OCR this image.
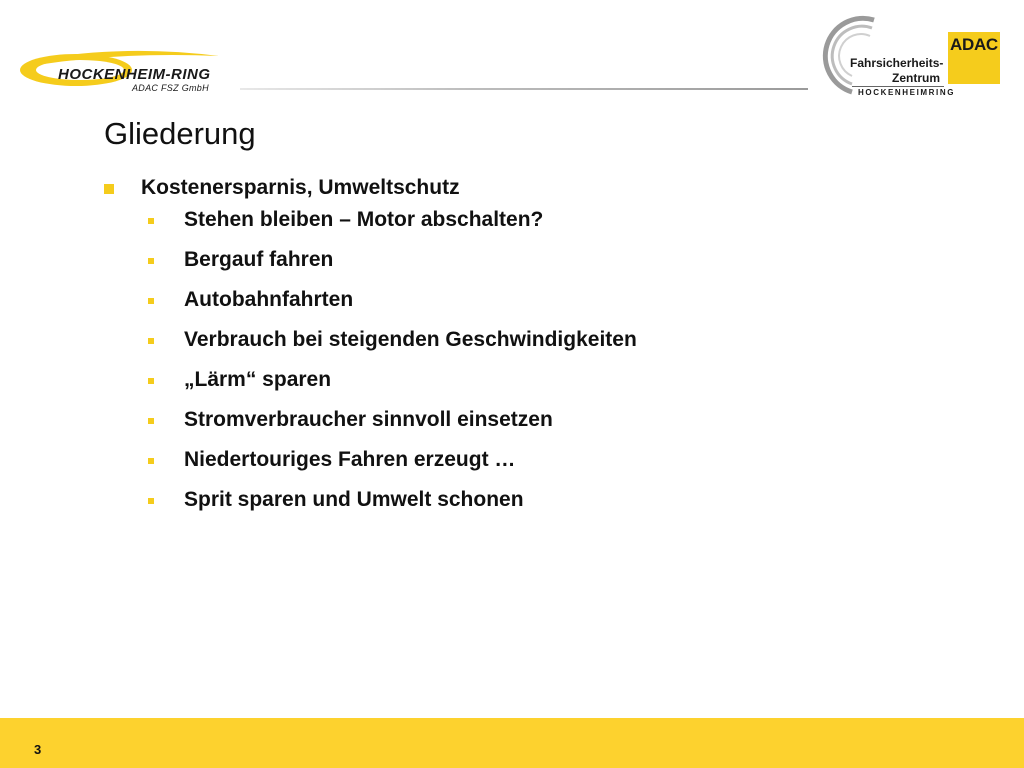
HOCKENHEIM-RING
ADAC FSZ GmbH
Fahrsicherheits-
Zentrum
HOCKENHEIMRING
ADAC
Gliederung
Kostenersparnis, Umweltschutz
Stehen bleiben – Motor abschalten?
Bergauf fahren
Autobahnfahrten
Verbrauch bei steigenden Geschwindigkeiten
„Lärm“ sparen
Stromverbraucher sinnvoll einsetzen
Niedertouriges Fahren erzeugt …
Sprit sparen und Umwelt schonen
3
